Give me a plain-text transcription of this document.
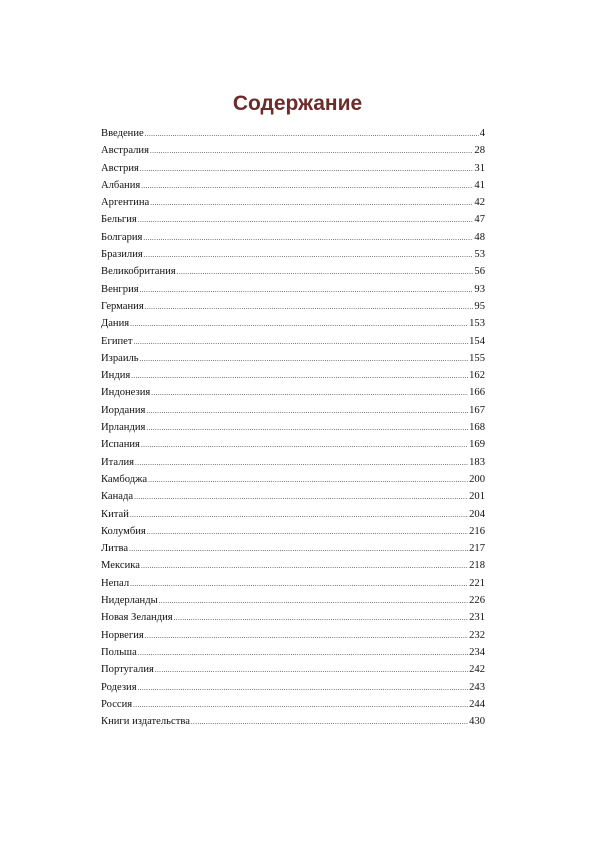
Содержание
Введение .....	4
Австралия .....	28
Австрия .....	31
Албания .....	41
Аргентина .....	42
Бельгия .....	47
Болгария .....	48
Бразилия .....	53
Великобритания .....	56
Венгрия .....	93
Германия .....	95
Дания .....	153
Египет .....	154
Израиль .....	155
Индия .....	162
Индонезия .....	166
Иордания .....	167
Ирландия .....	168
Испания .....	169
Италия .....	183
Камбоджа .....	200
Канада .....	201
Китай .....	204
Колумбия .....	216
Литва .....	217
Мексика .....	218
Непал .....	221
Нидерланды .....	226
Новая Зеландия .....	231
Норвегия .....	232
Польша .....	234
Португалия .....	242
Родезия .....	243
Россия .....	244
Книги издательства .....	430
